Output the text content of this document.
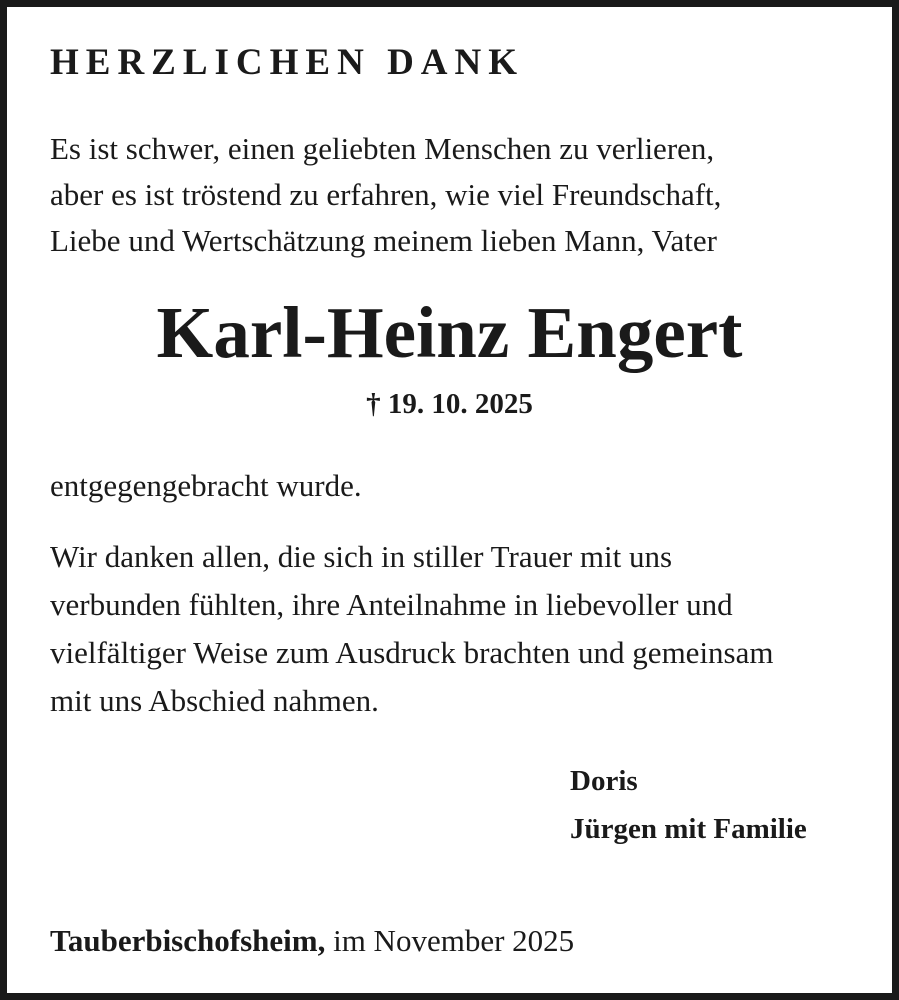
HERZLICHEN DANK
Es ist schwer, einen geliebten Menschen zu verlieren,
aber es ist tröstend zu erfahren, wie viel Freundschaft,
Liebe und Wertschätzung meinem lieben Mann, Vater
Karl-Heinz Engert
† 19. 10. 2025
entgegengebracht wurde.
Wir danken allen, die sich in stiller Trauer mit uns
verbunden fühlten, ihre Anteilnahme in liebevoller und
vielfältiger Weise zum Ausdruck brachten und gemeinsam
mit uns Abschied nahmen.
Doris
Jürgen mit Familie
Tauberbischofsheim, im November 2025
